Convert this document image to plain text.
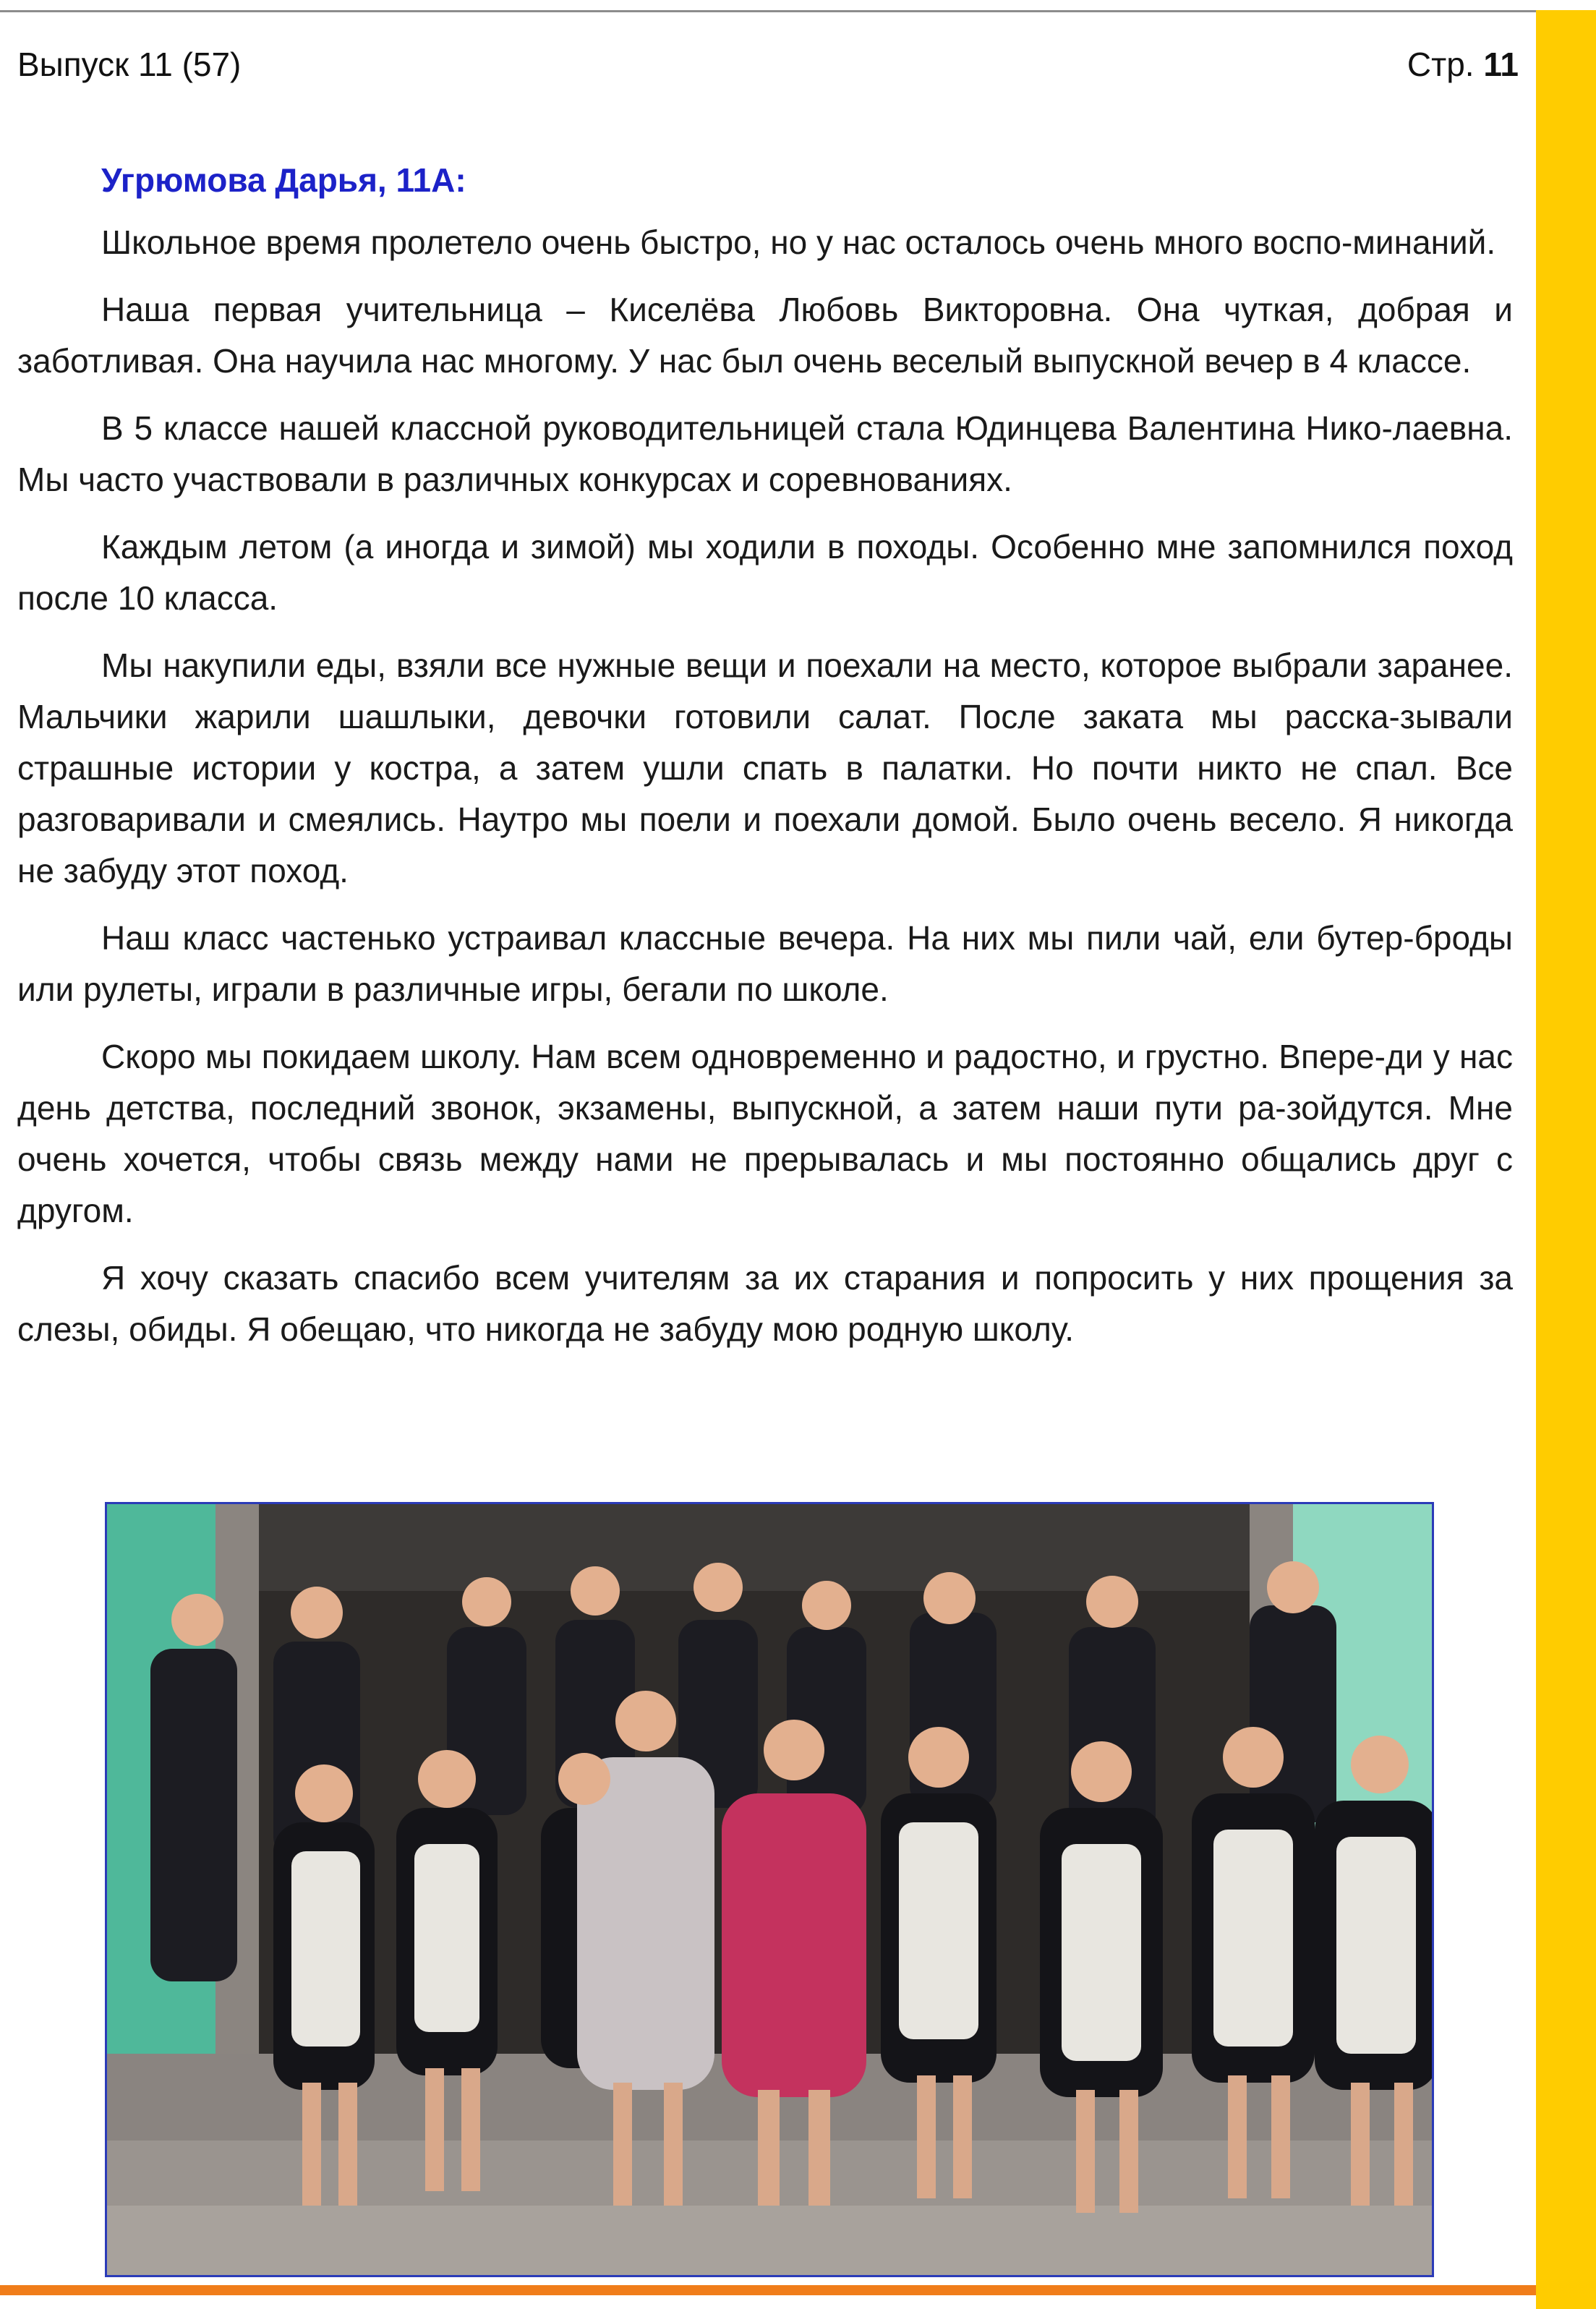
Выпуск 11 (57)	Стр. 11

Угрюмова Дарья, 11А:

Школьное время пролетело очень быстро, но у нас осталось очень много воспо-минаний.

Наша первая учительница – Киселёва Любовь Викторовна. Она чуткая, добрая и заботливая. Она научила нас многому. У нас был очень веселый выпускной вечер в 4 классе.

В 5 классе нашей классной руководительницей стала Юдинцева Валентина Нико-лаевна. Мы часто участвовали в различных конкурсах и соревнованиях.

Каждым летом (а иногда и зимой) мы ходили в походы. Особенно мне запомнился поход после 10 класса.

Мы накупили еды, взяли все нужные вещи и поехали на место, которое выбрали заранее. Мальчики жарили шашлыки, девочки готовили салат. После заката мы расска-зывали страшные истории у костра, а затем ушли спать в палатки. Но почти никто не спал. Все разговаривали и смеялись. Наутро мы поели и поехали домой. Было очень весело. Я никогда не забуду этот поход.

Наш класс частенько устраивал классные вечера. На них мы пили чай, ели бутер-броды или рулеты, играли в различные игры, бегали по школе.

Скоро мы покидаем школу. Нам всем одновременно и радостно, и грустно. Впере-ди у нас день детства, последний звонок, экзамены, выпускной, а затем наши пути ра-зойдутся. Мне очень хочется, чтобы связь между нами не прерывалась и мы постоянно общались друг с другом.

Я хочу сказать спасибо всем учителям за их старания и попросить у них прощения за слезы, обиды. Я обещаю, что никогда не забуду мою родную школу.
